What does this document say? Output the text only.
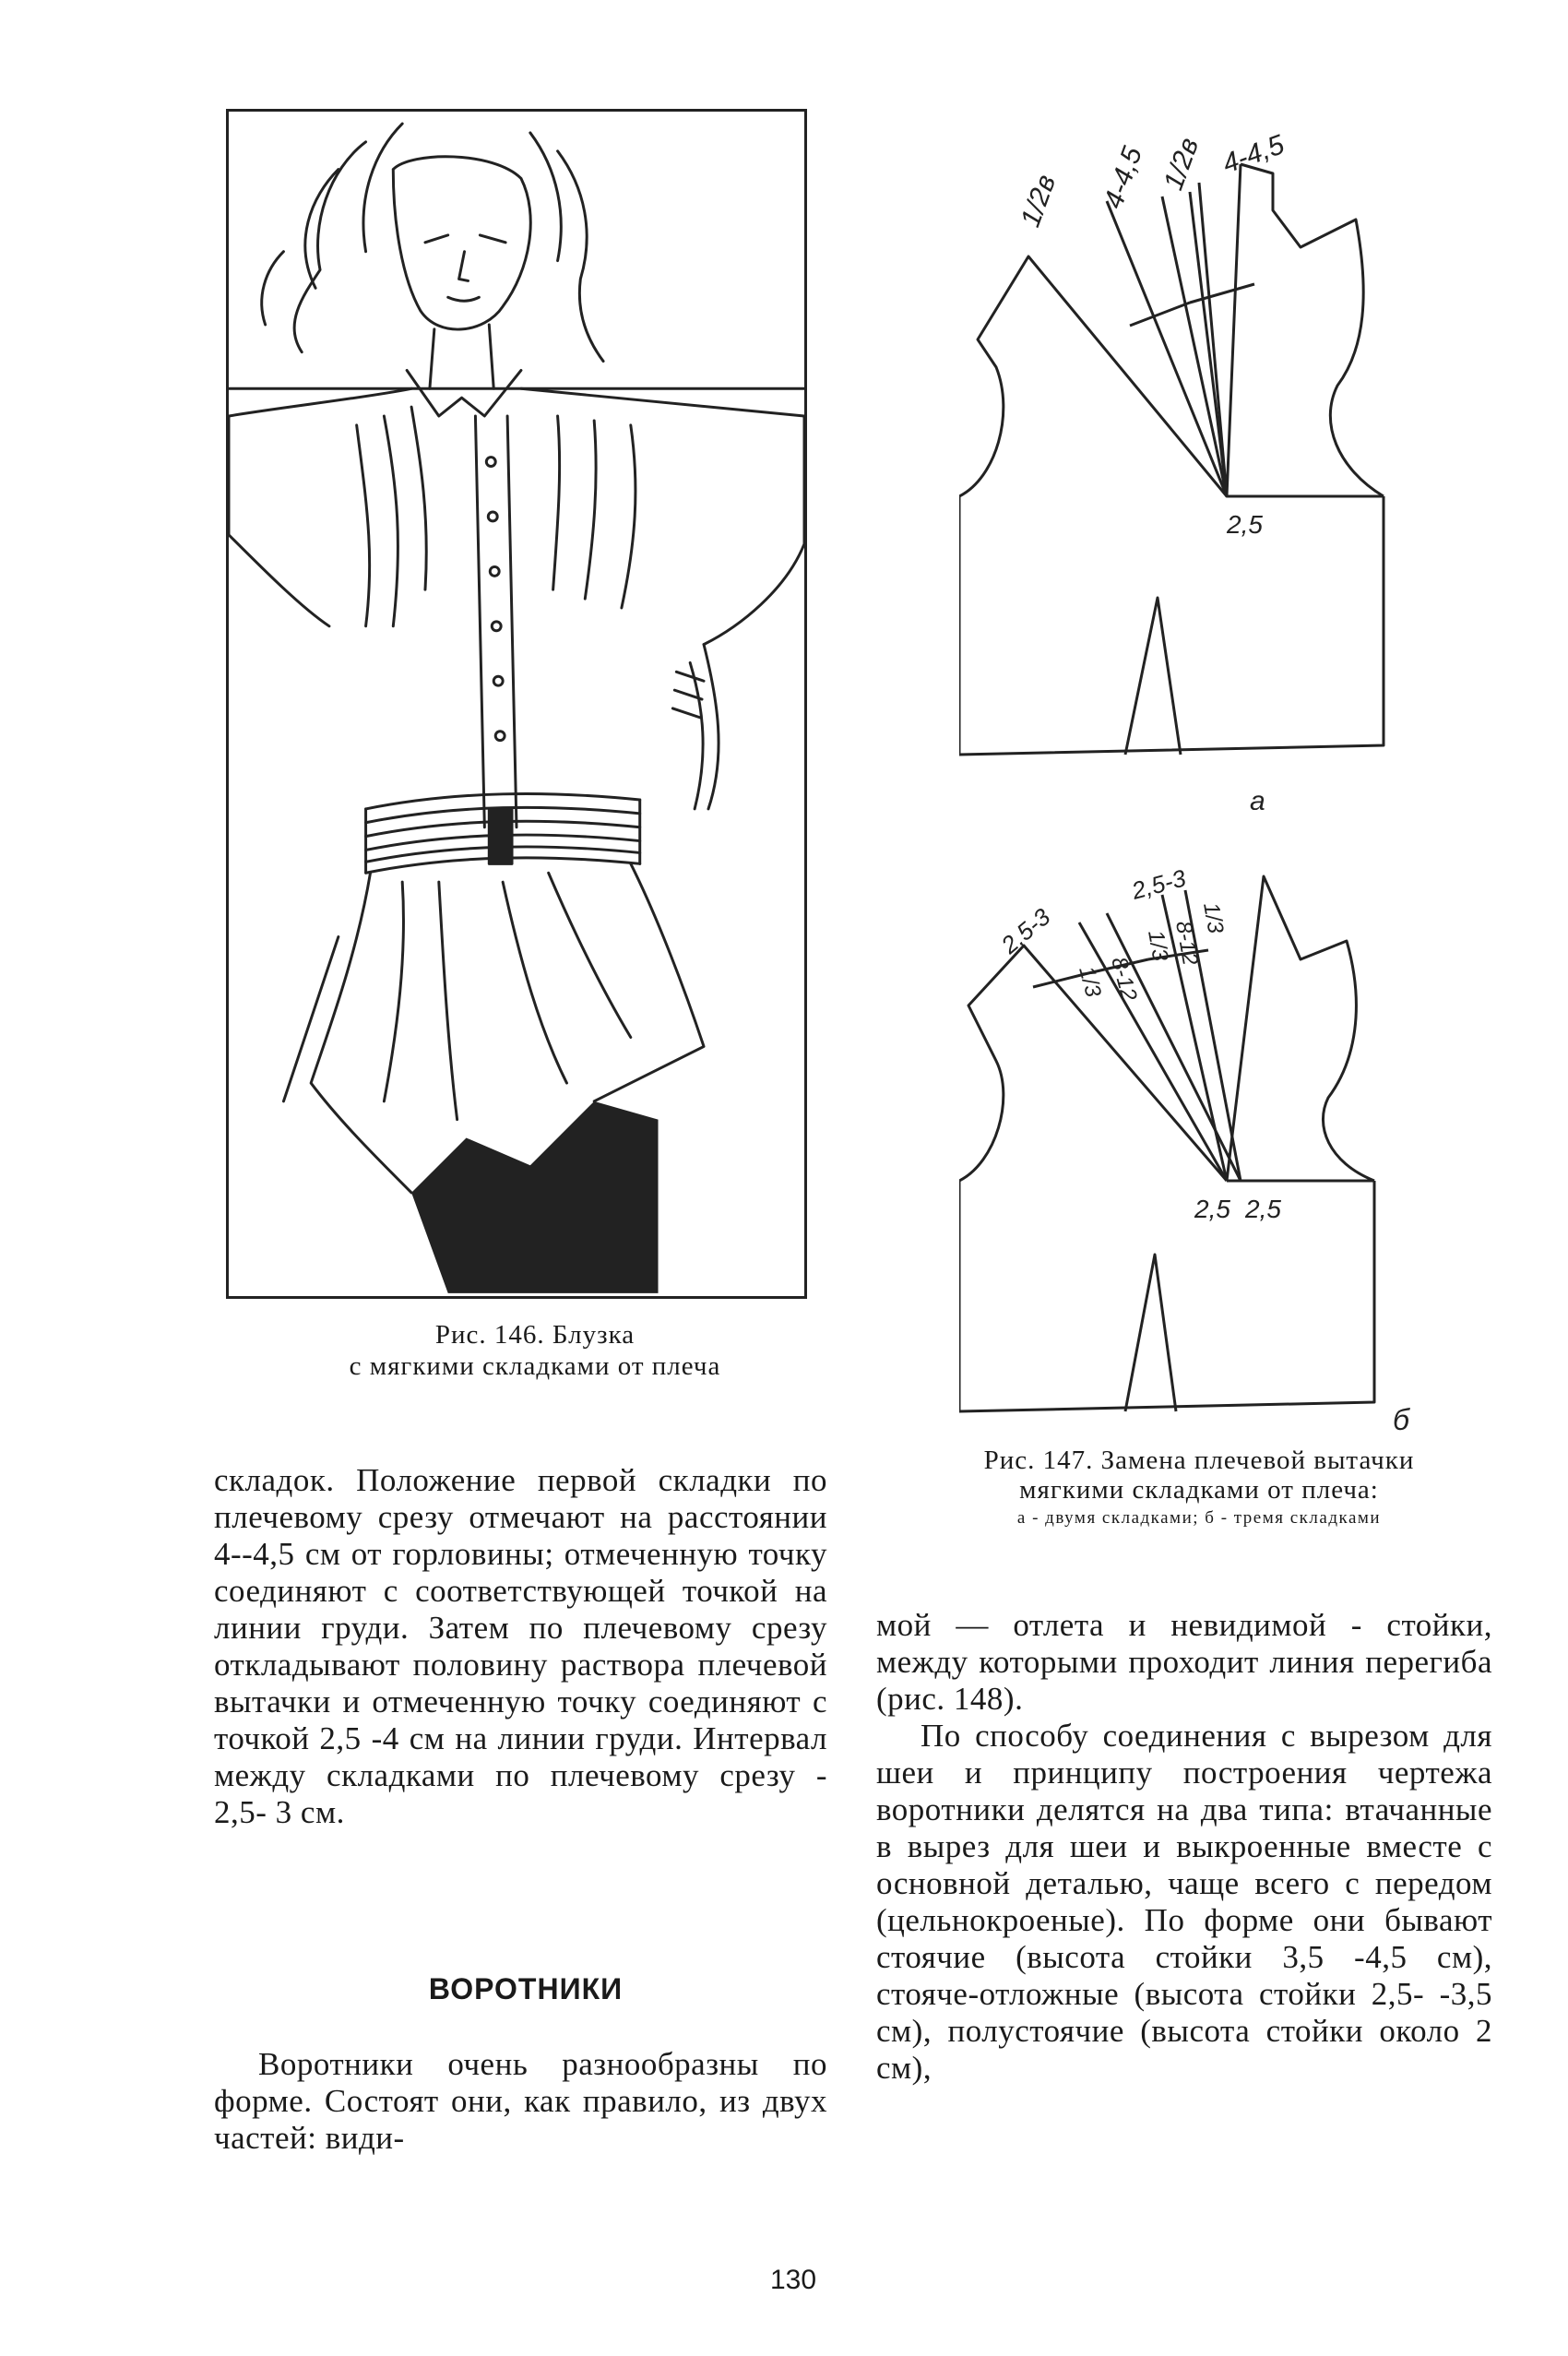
Рис. 146. Блузка
с мягкими складками от плеча
1/2в 4-4,5 1/2в 4-4,5
2,5
а
2,5-3
2,5-3
1/3 8-12
1/3
8-12
1/3
2,5 2,5
б
Рис. 147. Замена плечевой вытачки
мягкими складками от плеча:
а - двумя складками; б - тремя складками
складок. Положение первой складки по плечевому срезу отмечают на расстоянии 4--4,5 см от горловины; отмеченную точку соединяют с соответствующей точкой на линии груди. Затем по плечевому срезу откладывают половину раствора плечевой вытачки и отмеченную точку соединяют с точкой 2,5 -4 см на линии груди. Интервал между складками по плечевому срезу - 2,5- 3 см.
ВОРОТНИКИ
Воротники очень разнообразны по форме. Состоят они, как правило, из двух частей: види-
мой — отлета и невидимой - стойки, между которыми проходит линия перегиба (рис. 148).
По способу соединения с вырезом для шеи и принципу построения чертежа воротники делятся на два типа: втачанные в вырез для шеи и выкроенные вместе с основной деталью, чаще всего с передом (цельнокроеные). По форме они бывают стоячие (высота стойки 3,5 -4,5 см), стояче-отложные (высота стойки 2,5- -3,5 см), полустоячие (высота стойки около 2 см),
130
